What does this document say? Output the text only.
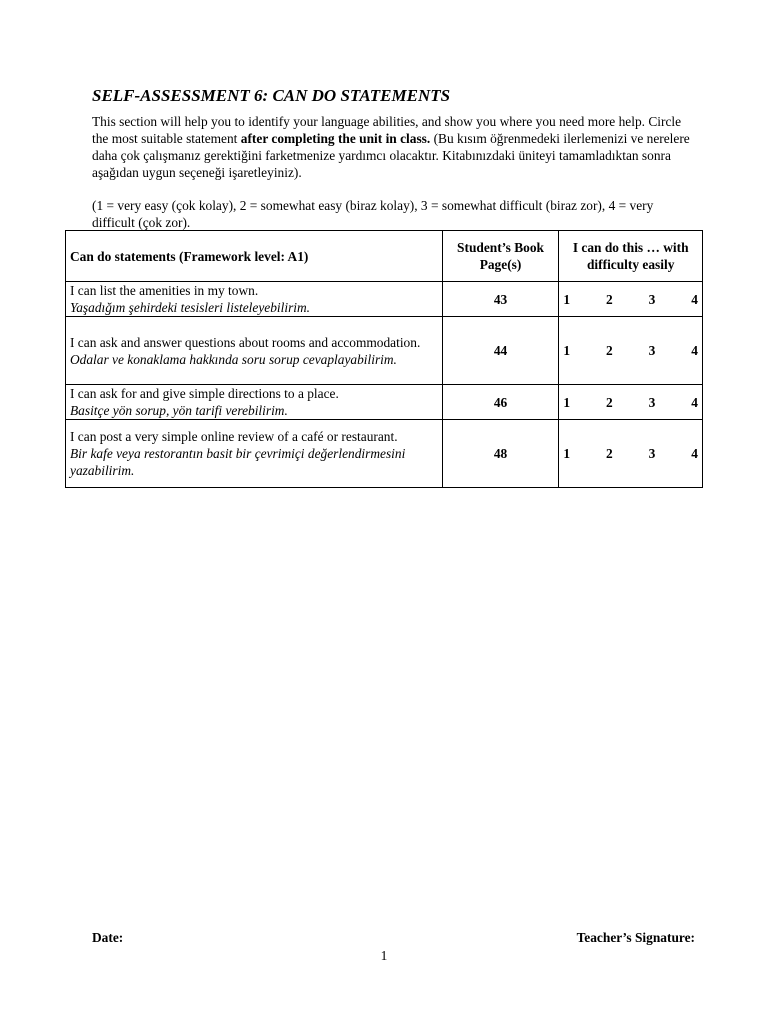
SELF-ASSESSMENT 6: CAN DO STATEMENTS

This section will help you to identify your language abilities, and show you where you need more help. Circle the most suitable statement after completing the unit in class. (Bu kısım öğrenmedeki ilerlemenizi ve nerelere daha çok çalışmanız gerektiğini farketmenize yardımcı olacaktır. Kitabınızdaki üniteyi tamamladıktan sonra aşağıdan uygun seçeneği işaretleyiniz).

(1 = very easy (çok kolay), 2 = somewhat easy (biraz kolay), 3 = somewhat difficult (biraz zor), 4 = very difficult (çok zor).

Can do statements (Framework level: A1)	Student’s Book Page(s)	I can do this … with difficulty easily

I can list the amenities in my town.
Yaşadığım şehirdeki tesisleri listeleyebilirim.	43	1 2 3 4

I can ask and answer questions about rooms and accommodation.
Odalar ve konaklama hakkında soru sorup cevaplayabilirim.	44	1 2 3 4

I can ask for and give simple directions to a place.
Basitçe yön sorup, yön tarifi verebilirim.	46	1 2 3 4

I can post a very simple online review of a café or restaurant.
Bir kafe veya restorantın basit bir çevrimiçi değerlendirmesini yazabilirim.	48	1 2 3 4
Date:	Teacher’s Signature:
1
